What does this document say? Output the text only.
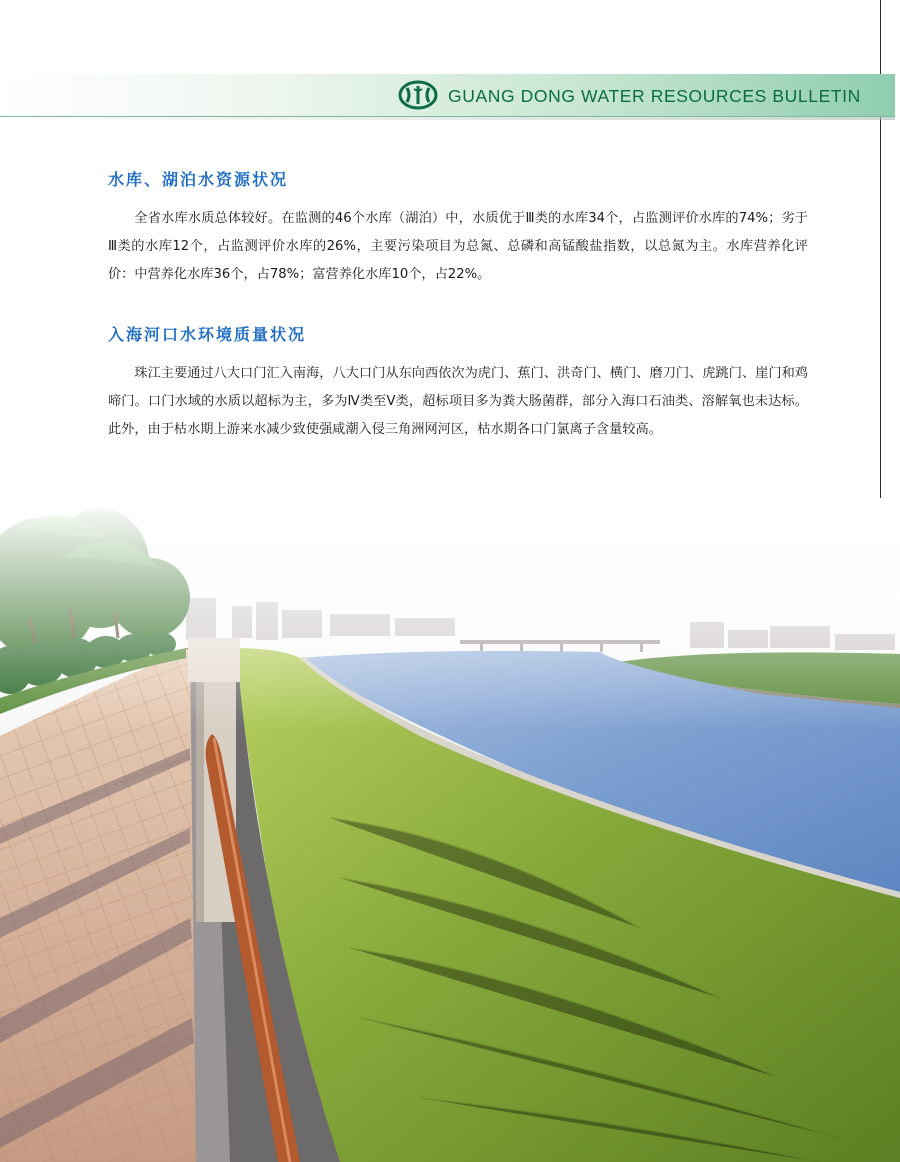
GUANG DONG WATER RESOURCES BULLETIN
水库、湖泊水资源状况
全省水库水质总体较好。在监测的46个水库（湖泊）中，水质优于Ⅲ类的水库34个，占监测评价水库的74%；劣于Ⅲ类的水库12个，占监测评价水库的26%，主要污染项目为总氮、总磷和高锰酸盐指数，以总氮为主。水库营养化评价：中营养化水库36个，占78%；富营养化水库10个，占22%。
入海河口水环境质量状况
珠江主要通过八大口门汇入南海，八大口门从东向西依次为虎门、蕉门、洪奇门、横门、磨刀门、虎跳门、崖门和鸡啼门。口门水域的水质以超标为主，多为Ⅳ类至Ⅴ类，超标项目多为粪大肠菌群，部分入海口石油类、溶解氧也未达标。此外，由于枯水期上游来水减少致使强咸潮入侵三角洲网河区，枯水期各口门氯离子含量较高。
